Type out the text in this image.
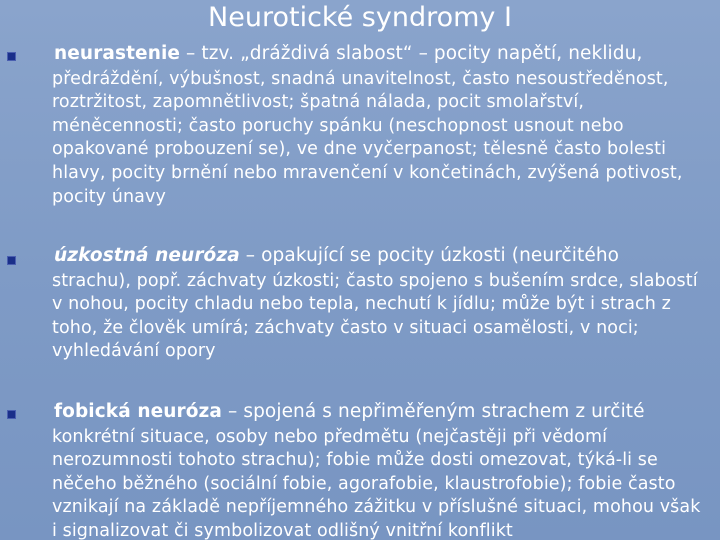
Neurotické syndromy I
neurastenie – tzv. „dráždivá slabost“ – pocity napětí, neklidu,
předráždění, výbušnost, snadná unavitelnost, často nesoustředěnost, roztržitost, zapomnětlivost; špatná nálada, pocit smolařství, méněcennosti; často poruchy spánku (neschopnost usnout nebo opakované probouzení se), ve dne vyčerpanost; tělesně často bolesti hlavy, pocity brnění nebo mravenčení v končetinách, zvýšená potivost, pocity únavy
úzkostná neuróza – opakující se pocity úzkosti (neurčitého
strachu), popř. záchvaty úzkosti; často spojeno s bušením srdce, slabostí v nohou, pocity chladu nebo tepla, nechutí k jídlu; může být i strach z toho, že člověk umírá; záchvaty často v situaci osamělosti, v noci; vyhledávání opory
fobická neuróza – spojená s nepřiměřeným strachem z určité
konkrétní situace, osoby nebo předmětu (nejčastěji při vědomí nerozumnosti tohoto strachu); fobie může dosti omezovat, týká-li se něčeho běžného (sociální fobie, agorafobie, klaustrofobie); fobie často vznikají na základě nepříjemného zážitku v příslušné situaci, mohou však i signalizovat či symbolizovat odlišný vnitřní konflikt
